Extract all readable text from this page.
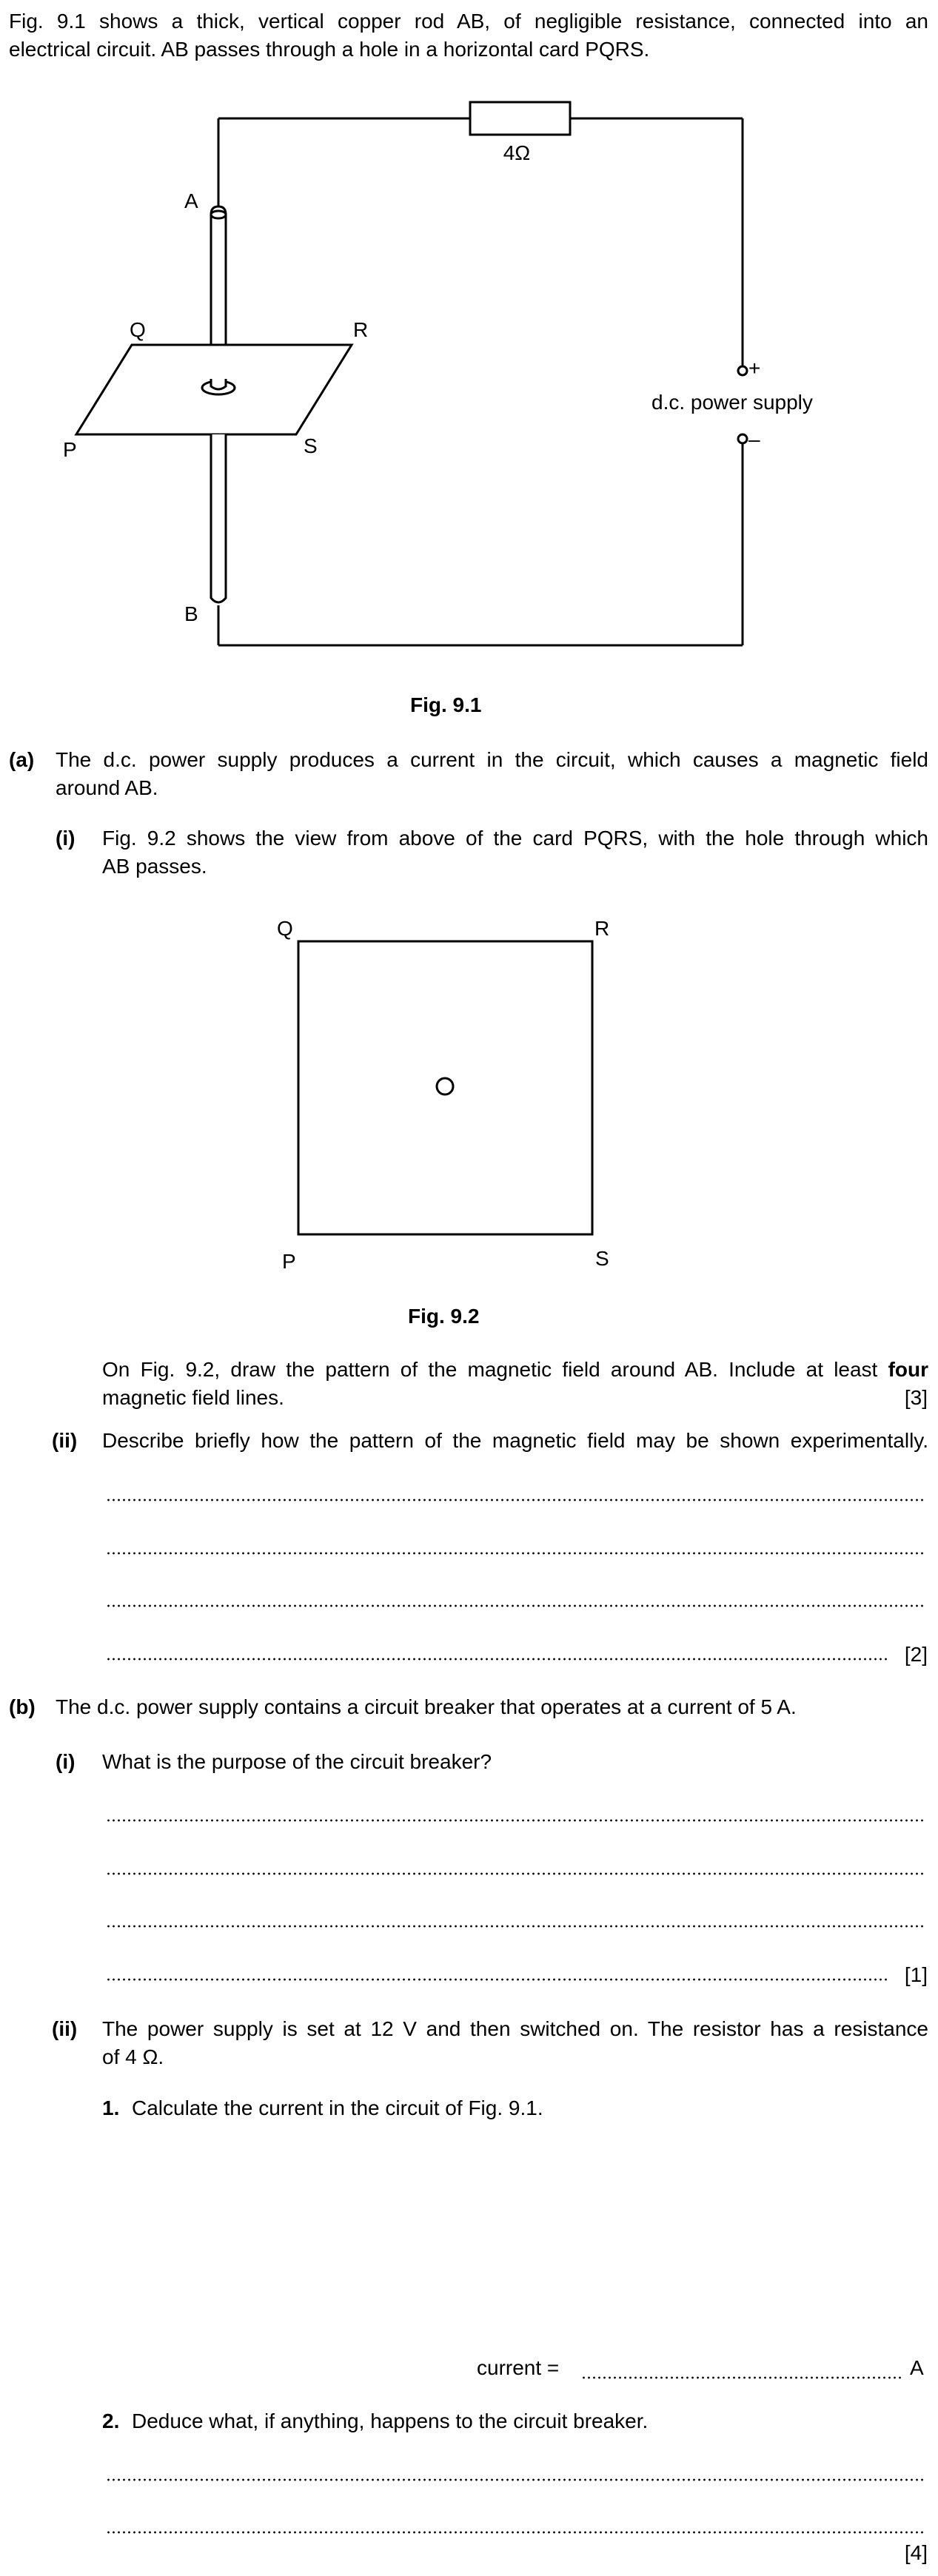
Fig. 9.1 shows a thick, vertical copper rod AB, of negligible resistance, connected into an
electrical circuit. AB passes through a hole in a horizontal card PQRS.
4Ω
A
B
Q	R
P	S
+
–
d.c. power supply
Fig. 9.1
(a) The d.c. power supply produces a current in the circuit, which causes a magnetic field
around AB.
(i) Fig. 9.2 shows the view from above of the card PQRS, with the hole through which
AB passes.
Q	R
P	S
Fig. 9.2
On Fig. 9.2, draw the pattern of the magnetic field around AB. Include at least four
magnetic field lines.	[3]
(ii) Describe briefly how the pattern of the magnetic field may be shown experimentally.
[2]
(b) The d.c. power supply contains a circuit breaker that operates at a current of 5 A.
(i) What is the purpose of the circuit breaker?
[1]
(ii) The power supply is set at 12 V and then switched on. The resistor has a resistance
of 4 Ω.
1. Calculate the current in the circuit of Fig. 9.1.
current =	A
2. Deduce what, if anything, happens to the circuit breaker.
[4]
